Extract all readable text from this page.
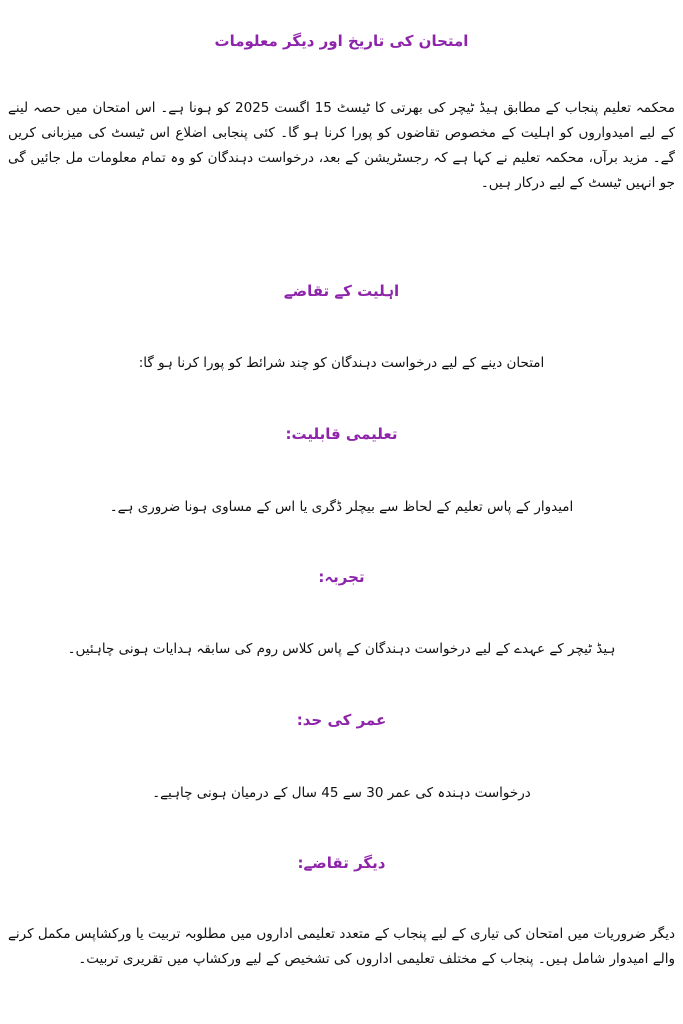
امتحان کی تاریخ اور دیگر معلومات
محکمہ تعلیم پنجاب کے مطابق ہیڈ ٹیچر کی بھرتی کا ٹیسٹ 15 اگست 2025 کو ہونا ہے۔ اس امتحان میں حصہ لینے کے لیے امیدواروں کو اہلیت کے مخصوص تقاضوں کو پورا کرنا ہو گا۔ کئی پنجابی اضلاع اس ٹیسٹ کی میزبانی کریں گے۔ مزید برآں، محکمہ تعلیم نے کہا ہے کہ رجسٹریشن کے بعد، درخواست دہندگان کو وہ تمام معلومات مل جائیں گی جو انہیں ٹیسٹ کے لیے درکار ہیں۔
اہلیت کے تقاضے
امتحان دینے کے لیے درخواست دہندگان کو چند شرائط کو پورا کرنا ہو گا:
تعلیمی قابلیت:
امیدوار کے پاس تعلیم کے لحاظ سے بیچلر ڈگری یا اس کے مساوی ہونا ضروری ہے۔
تجربہ:
ہیڈ ٹیچر کے عہدے کے لیے درخواست دہندگان کے پاس کلاس روم کی سابقہ ہدایات ہونی چاہئیں۔
عمر کی حد:
درخواست دہندہ کی عمر 30 سے 45 سال کے درمیان ہونی چاہیے۔
دیگر تقاضے:
دیگر ضروریات میں امتحان کی تیاری کے لیے پنجاب کے متعدد تعلیمی اداروں میں مطلوبہ تربیت یا ورکشاپس مکمل کرنے والے امیدوار شامل ہیں۔ پنجاب کے مختلف تعلیمی اداروں کی تشخیص کے لیے ورکشاپ میں تقریری تربیت۔
